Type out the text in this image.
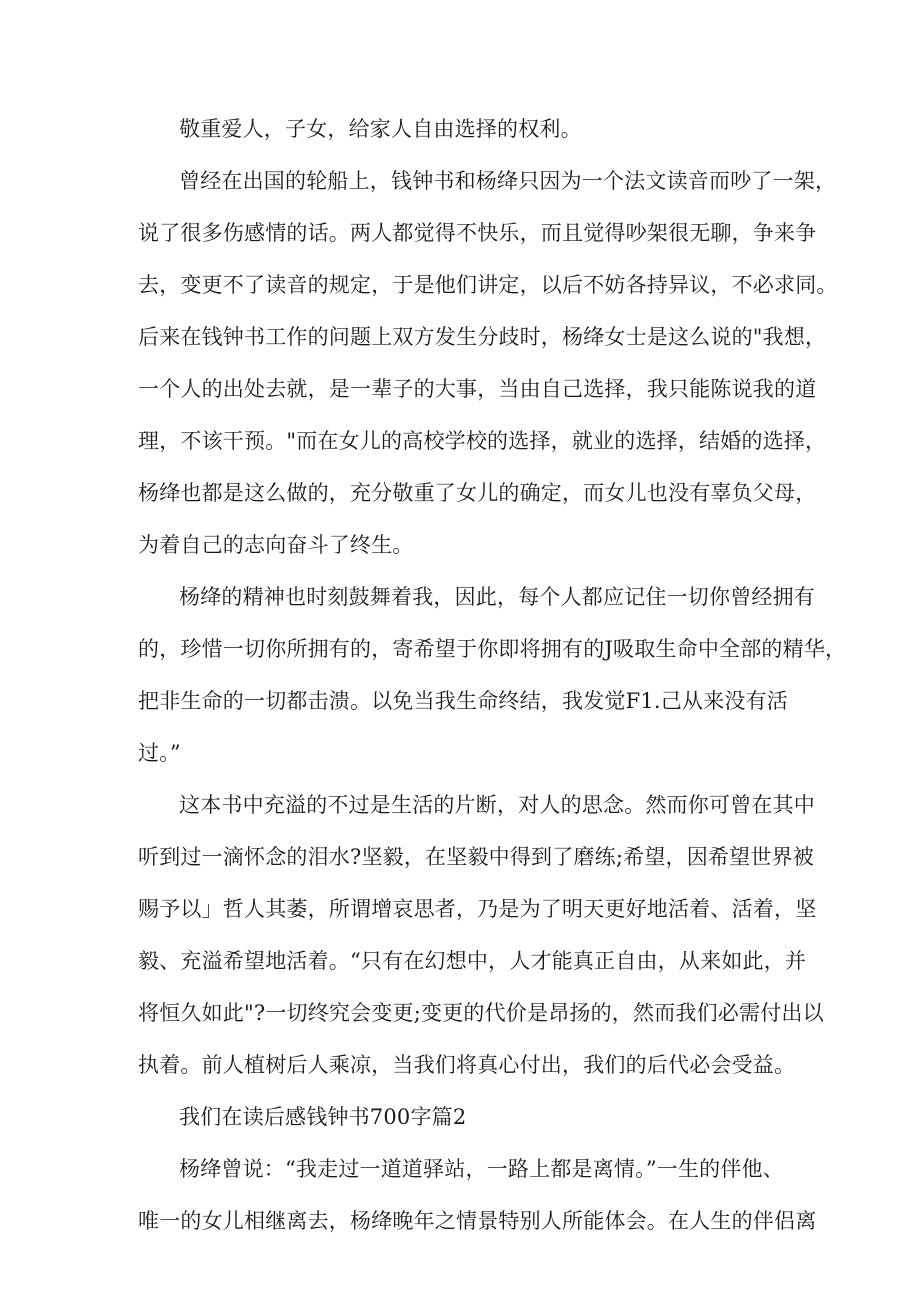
敬重爱人，子女，给家人自由选择的权利。
曾经在出国的轮船上，钱钟书和杨绛只因为一个法文读音而吵了一架，
说了很多伤感情的话。两人都觉得不快乐，而且觉得吵架很无聊，争来争
去，变更不了读音的规定，于是他们讲定，以后不妨各持异议，不必求同。
后来在钱钟书工作的问题上双方发生分歧时，杨绛女士是这么说的"我想，
一个人的出处去就，是一辈子的大事，当由自己选择，我只能陈说我的道
理，不该干预。"而在女儿的高校学校的选择，就业的选择，结婚的选择，
杨绛也都是这么做的，充分敬重了女儿的确定，而女儿也没有辜负父母，
为着自己的志向奋斗了终生。
杨绛的精神也时刻鼓舞着我，因此，每个人都应记住一切你曾经拥有
的，珍惜一切你所拥有的，寄希望于你即将拥有的J吸取生命中全部的精华，
把非生命的一切都击溃。以免当我生命终结，我发觉F1.己从来没有活
过。”
这本书中充溢的不过是生活的片断，对人的思念。然而你可曾在其中
听到过一滴怀念的泪水?坚毅，在坚毅中得到了磨练;希望，因希望世界被
赐予以」哲人其萎，所谓增哀思者，乃是为了明天更好地活着、活着，坚
毅、充溢希望地活着。“只有在幻想中，人才能真正自由，从来如此，并
将恒久如此"?一切终究会变更;变更的代价是昂扬的，然而我们必需付出以
执着。前人植树后人乘凉，当我们将真心付出，我们的后代必会受益。
我们在读后感钱钟书700字篇2
杨绛曾说：“我走过一道道驿站，一路上都是离情。”一生的伴他、
唯一的女儿相继离去，杨绛晚年之情景特别人所能体会。在人生的伴侣离
